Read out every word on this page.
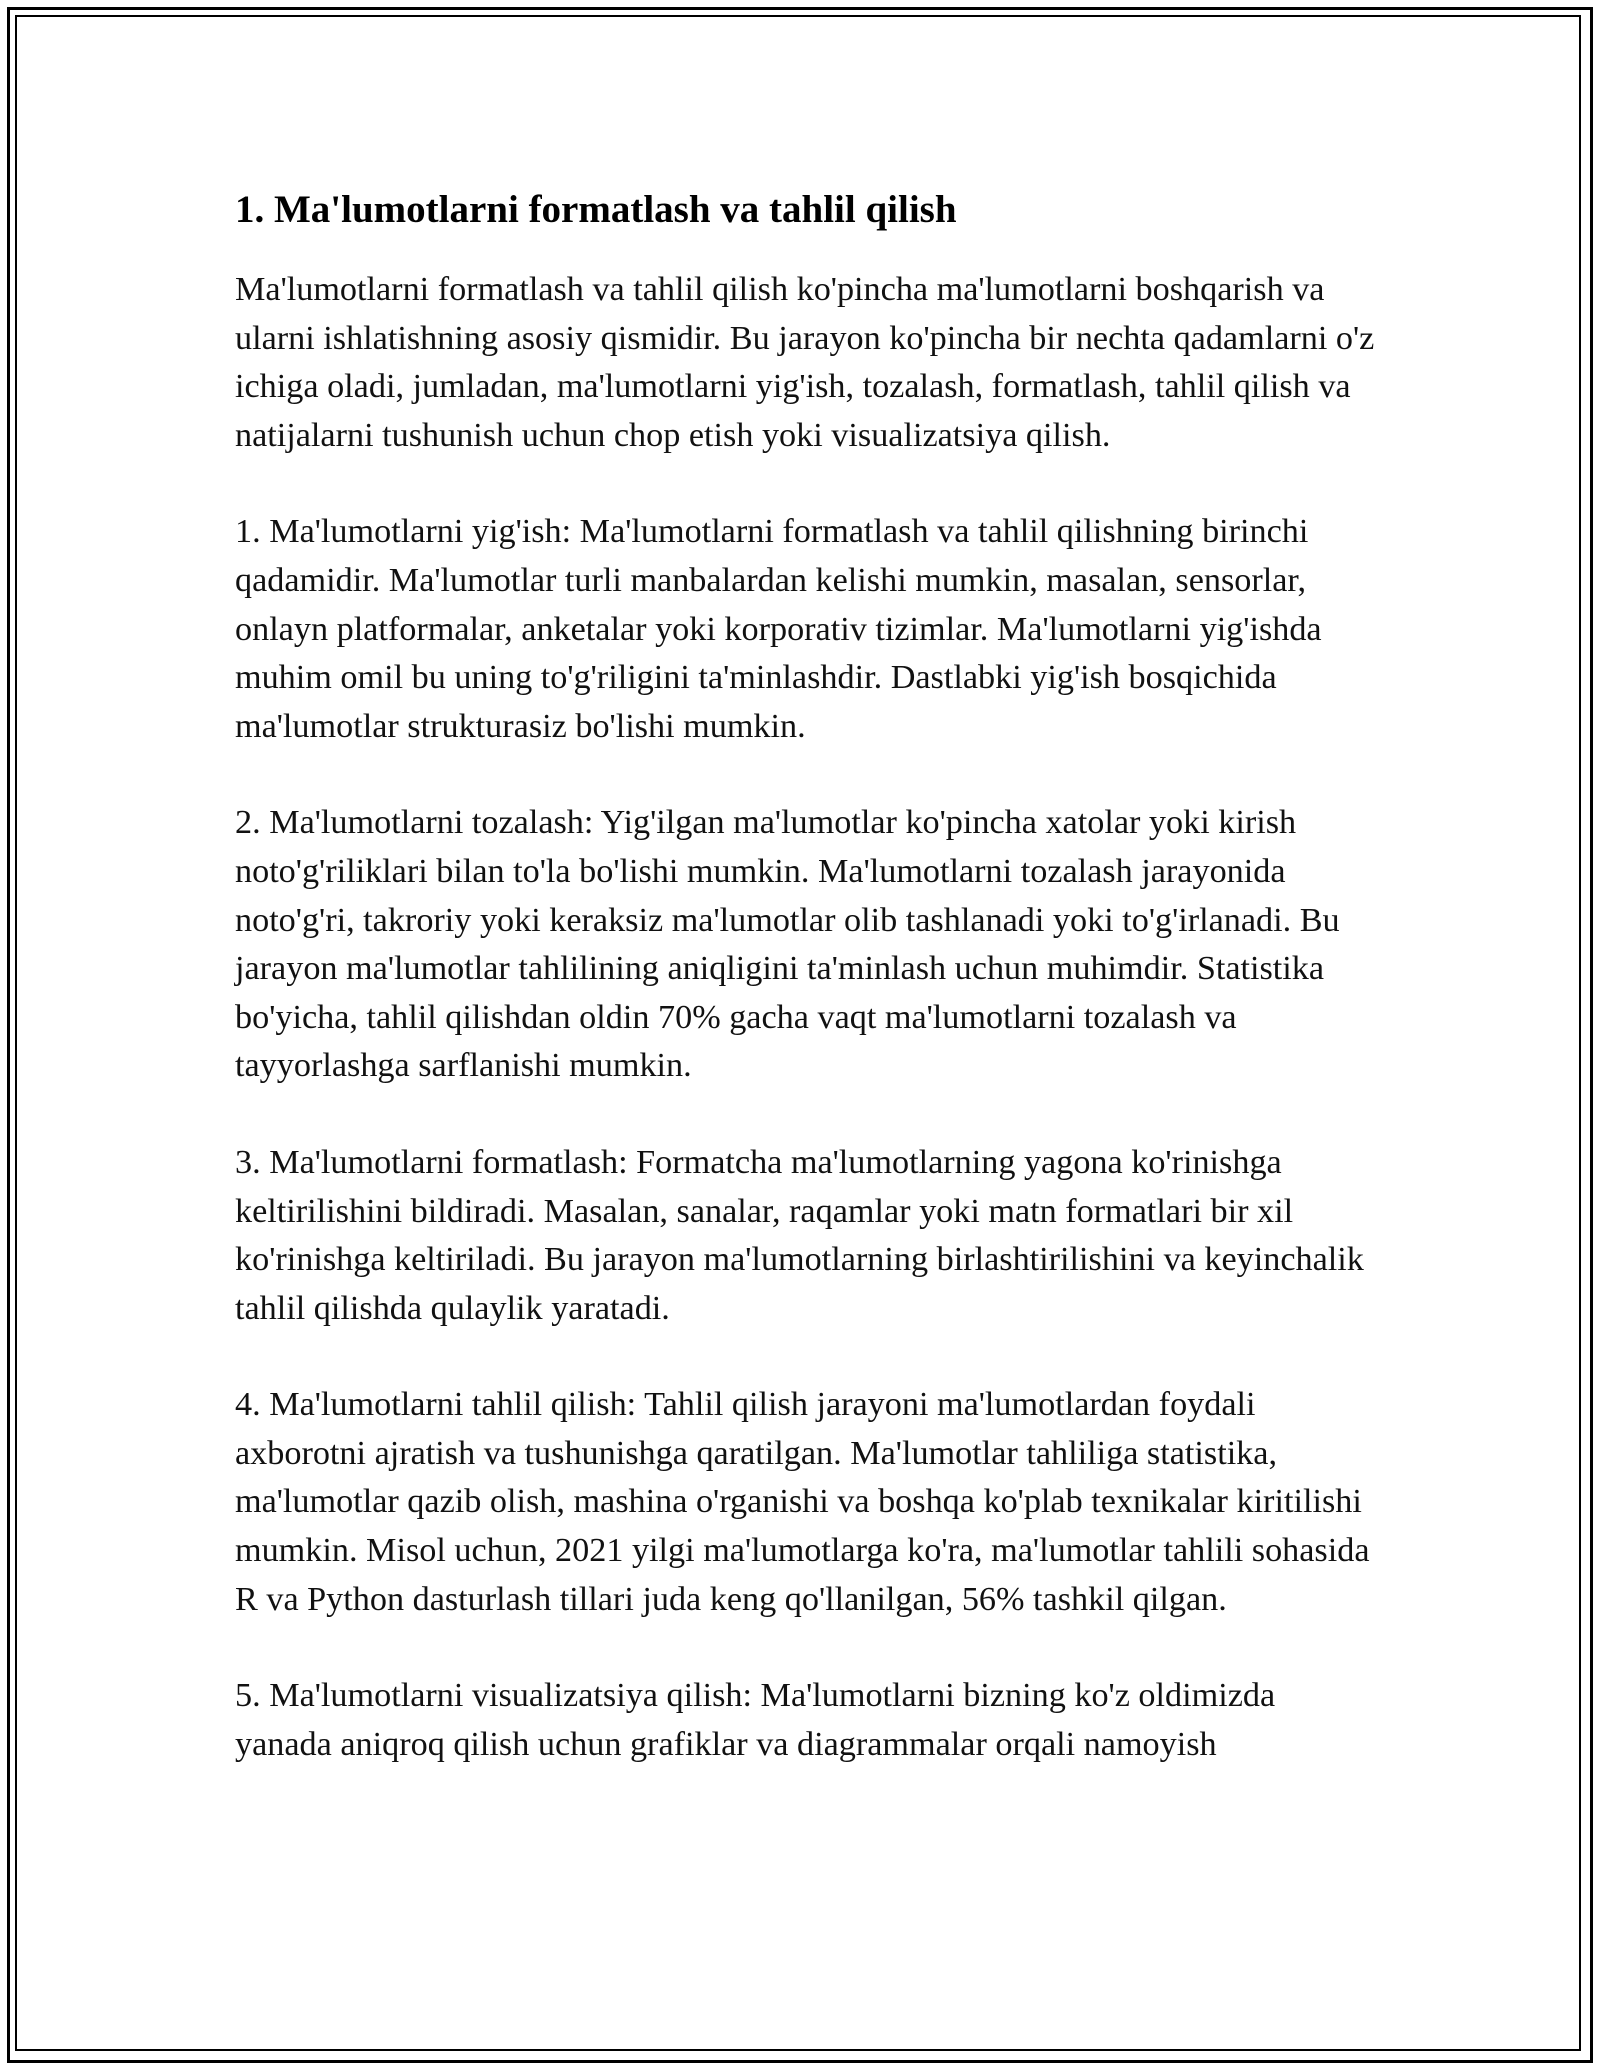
1. Ma'lumotlarni formatlash va tahlil qilish

Ma'lumotlarni formatlash va tahlil qilish ko'pincha ma'lumotlarni boshqarish va ularni ishlatishning asosiy qismidir. Bu jarayon ko'pincha bir nechta qadamlarni o'z ichiga oladi, jumladan, ma'lumotlarni yig'ish, tozalash, formatlash, tahlil qilish va natijalarni tushunish uchun chop etish yoki visualizatsiya qilish.

1. Ma'lumotlarni yig'ish: Ma'lumotlarni formatlash va tahlil qilishning birinchi qadamidir. Ma'lumotlar turli manbalardan kelishi mumkin, masalan, sensorlar, onlayn platformalar, anketalar yoki korporativ tizimlar. Ma'lumotlarni yig'ishda muhim omil bu uning to'g'riligini ta'minlashdir. Dastlabki yig'ish bosqichida ma'lumotlar strukturasiz bo'lishi mumkin.

2. Ma'lumotlarni tozalash: Yig'ilgan ma'lumotlar ko'pincha xatolar yoki kirish noto'g'riliklari bilan to'la bo'lishi mumkin. Ma'lumotlarni tozalash jarayonida noto'g'ri, takroriy yoki keraksiz ma'lumotlar olib tashlanadi yoki to'g'irlanadi. Bu jarayon ma'lumotlar tahlilining aniqligini ta'minlash uchun muhimdir. Statistika bo'yicha, tahlil qilishdan oldin 70% gacha vaqt ma'lumotlarni tozalash va tayyorlashga sarflanishi mumkin.

3. Ma'lumotlarni formatlash: Formatcha ma'lumotlarning yagona ko'rinishga keltirilishini bildiradi. Masalan, sanalar, raqamlar yoki matn formatlari bir xil ko'rinishga keltiriladi. Bu jarayon ma'lumotlarning birlashtirilishini va keyinchalik tahlil qilishda qulaylik yaratadi.

4. Ma'lumotlarni tahlil qilish: Tahlil qilish jarayoni ma'lumotlardan foydali axborotni ajratish va tushunishga qaratilgan. Ma'lumotlar tahliliga statistika, ma'lumotlar qazib olish, mashina o'rganishi va boshqa ko'plab texnikalar kiritilishi mumkin. Misol uchun, 2021 yilgi ma'lumotlarga ko'ra, ma'lumotlar tahlili sohasida R va Python dasturlash tillari juda keng qo'llanilgan, 56% tashkil qilgan.

5. Ma'lumotlarni visualizatsiya qilish: Ma'lumotlarni bizning ko'z oldimizda yanada aniqroq qilish uchun grafiklar va diagrammalar orqali namoyish
